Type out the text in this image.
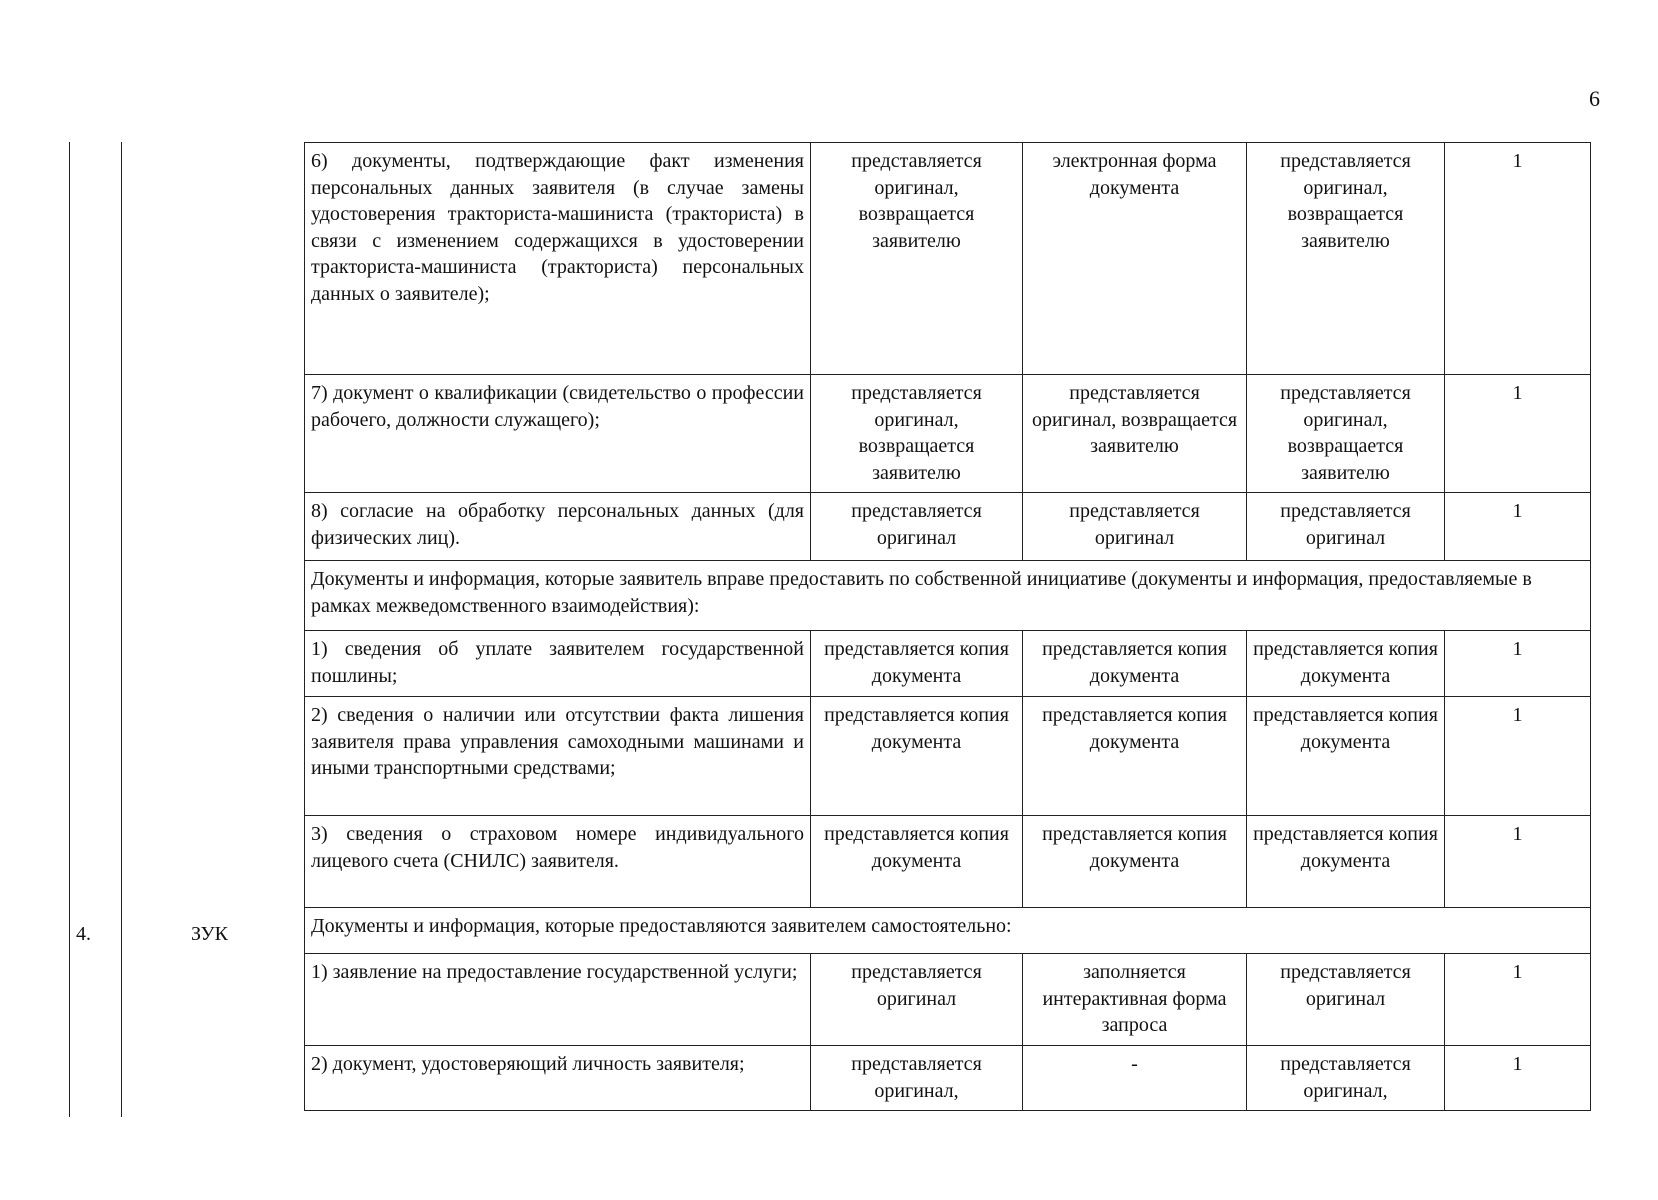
6
4.	ЗУК
6) документы, подтверждающие факт изменения персональных данных заявителя (в случае замены удостоверения тракториста-машиниста (тракториста) в связи с изменением содержащихся в удостоверении тракториста-машиниста (тракториста) персональных данных о заявителе);	представляется оригинал, возвращается заявителю	электронная форма документа	представляется оригинал, возвращается заявителю	1
7) документ о квалификации (свидетельство о профессии рабочего, должности служащего);	представляется оригинал, возвращается заявителю	представляется оригинал, возвращается заявителю	представляется оригинал, возвращается заявителю	1
8) согласие на обработку персональных данных (для физических лиц).	представляется оригинал	представляется оригинал	представляется оригинал	1
Документы и информация, которые заявитель вправе предоставить по собственной инициативе (документы и информация, предоставляемые в рамках межведомственного взаимодействия):				
1) сведения об уплате заявителем государственной пошлины;	представляется копия документа	представляется копия документа	представляется копия документа	1
2) сведения о наличии или отсутствии факта лишения заявителя права управления самоходными машинами и иными транспортными средствами;	представляется копия документа	представляется копия документа	представляется копия документа	1
3) сведения о страховом номере индивидуального лицевого счета (СНИЛС) заявителя.	представляется копия документа	представляется копия документа	представляется копия документа	1
Документы и информация, которые предоставляются заявителем самостоятельно:				
1) заявление на предоставление государственной услуги;	представляется оригинал	заполняется интерактивная форма запроса	представляется оригинал	1
2) документ, удостоверяющий личность заявителя;	представляется оригинал,	-	представляется оригинал,	1
